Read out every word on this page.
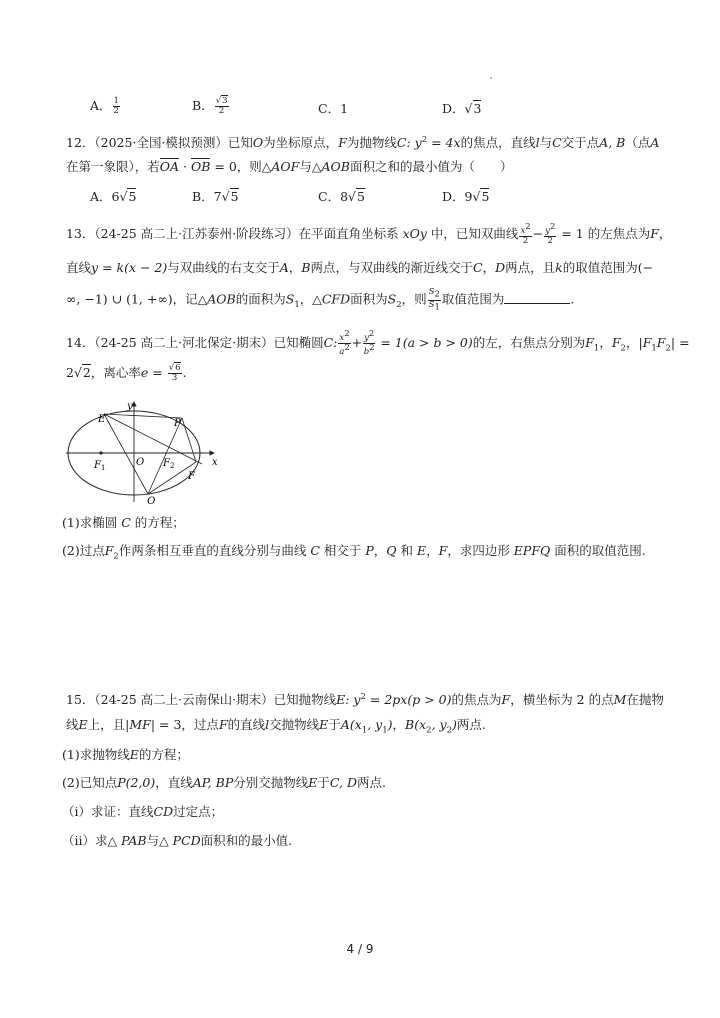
A． $\frac{1}{2}$	B． $\frac{√3}{2}$	C．1	D．√3
12．（2025·全国·模拟预测）已知O为坐标原点，F为抛物线C: $y^2 = 4x$的焦点，直线l与C交于点A, B（点A
在第一象限），若OA · OB = 0，则△AOF与△AOB面积之和的最小值为（　　）
A．6√5	B．7√5	C．8√5	D．9√5
13．（24-25 高二上·江苏泰州·阶段练习）在平面直角坐标系 xOy 中，已知双曲线 $\frac{x^2}{2} - \frac{y^2}{2} = 1$ 的左焦点为F，
直线y = k(x − 2)与双曲线的右支交于A，B两点，与双曲线的渐近线交于C，D两点，且k的取值范围为(−
∞, −1) ∪ (1, +∞)，记△AOB的面积为$S_1$，△CFD面积为$S_2$，则 $\frac{S_2}{S_1}$ 取值范围为	.
14．（24-25 高二上·河北保定·期末）已知椭圆C: $\frac{x^2}{a^2} + \frac{y^2}{b^2} = 1(a > b > 0)$的左，右焦点分别为$F_1$，$F_2$，$|F_1F_2|$ =
2√2，离心率$e = \frac{√6}{3}$ .
y
x
E	P
F 1	O F 2
F
Q
(1)求椭圆 C 的方程；
(2)过点$F_2$作两条相互垂直的直线分别与曲线 C 相交于 P，Q 和 E，F，求四边形 EPFQ 面积的取值范围.
15．（24-25 高二上·云南保山·期末）已知抛物线E: $y^2 = 2px(p > 0)$的焦点为F，横坐标为 2 的点M在抛物
线E上，且|MF| = 3，过点F的直线l交抛物线E于$A(x_1$, $y_1$)，$B(x_2$, $y_2$)两点.
(1)求抛物线E的方程；
(2)已知点P(2,0)，直线AP, BP分别交抛物线E于C, D两点.
（i）求证：直线CD过定点；
（ii）求△ PAB与△ PCD面积和的最小值.
4 / 9
